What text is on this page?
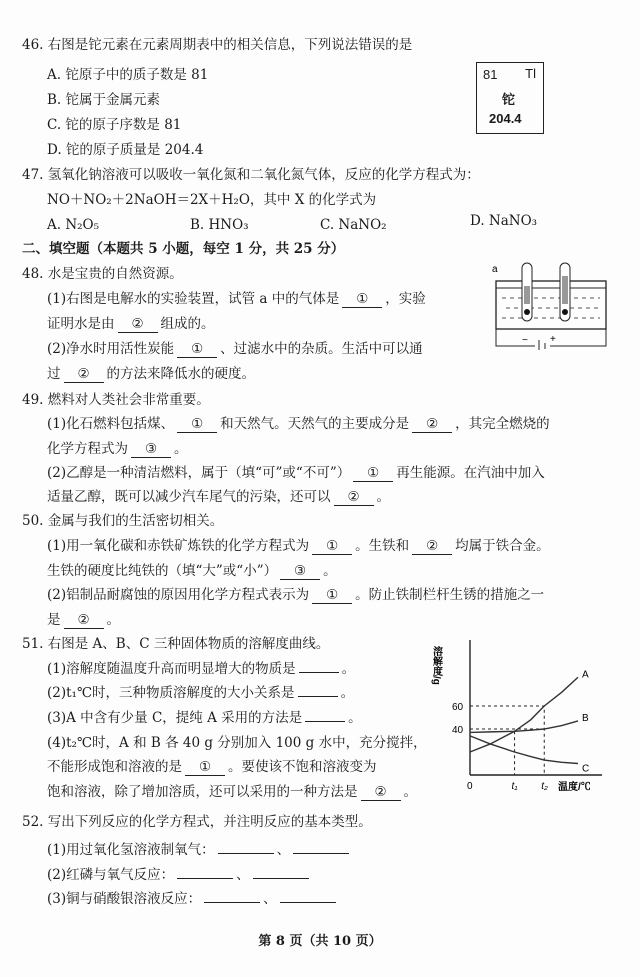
46. 右图是铊元素在元素周期表中的相关信息，下列说法错误的是
A. 铊原子中的质子数是 81
B. 铊属于金属元素
C. 铊的原子序数是 81
D. 铊的原子质量是 204.4
47. 氢氧化钠溶液可以吸收一氧化氮和二氧化氮气体，反应的化学方程式为：
NO＋NO₂＋2NaOH＝2X＋H₂O，其中 X 的化学式为
二、填空题（本题共 5 小题，每空 1 分，共 25 分）
48. 水是宝贵的自然资源。
(1)右图是电解水的实验装置，试管 a 中的气体是 ① ，实验
证明水是由 ② 组成的。
(2)净水时用活性炭能 ① 、过滤水中的杂质。生活中可以通
过 ② 的方法来降低水的硬度。
49. 燃料对人类社会非常重要。
(1)化石燃料包括煤、 ① 和天然气。天然气的主要成分是 ② ，其完全燃烧的
化学方程式为 ③ 。
(2)乙醇是一种清洁燃料，属于（填“可”或“不可”） ① 再生能源。在汽油中加入
适量乙醇，既可以减少汽车尾气的污染，还可以 ② 。
50. 金属与我们的生活密切相关。
(1)用一氧化碳和赤铁矿炼铁的化学方程式为 ① 。生铁和 ② 均属于铁合金。
生铁的硬度比纯铁的（填“大”或“小”） ③ 。
(2)铝制品耐腐蚀的原因用化学方程式表示为 ① 。防止铁制栏杆生锈的措施之一
是 ② 。
51. 右图是 A、B、C 三种固体物质的溶解度曲线。
(1)溶解度随温度升高而明显增大的物质是	。
(2)t₁℃时，三种物质溶解度的大小关系是	。
(3)A 中含有少量 C，提纯 A 采用的方法是	。
(4)t₂℃时，A 和 B 各 40 g 分别加入 100 g 水中，充分搅拌，
不能形成饱和溶液的是 ① 。要使该不饱和溶液变为
饱和溶液，除了增加溶质，还可以采用的一种方法是 ② 。
52. 写出下列反应的化学方程式，并注明反应的基本类型。
(1)用过氧化氢溶液制氧气：	、
(2)红磷与氧气反应：	、
(3)铜与硝酸银溶液反应：	、
A. N₂O₅	B. HNO₃	C. NaNO₂	D. NaNO₃
81 Tl
铊
204.4
a
− +
溶解度/g	A
B
C
0	t₁ t₂ 温度/℃
40
60
第 8 页（共 10 页）
